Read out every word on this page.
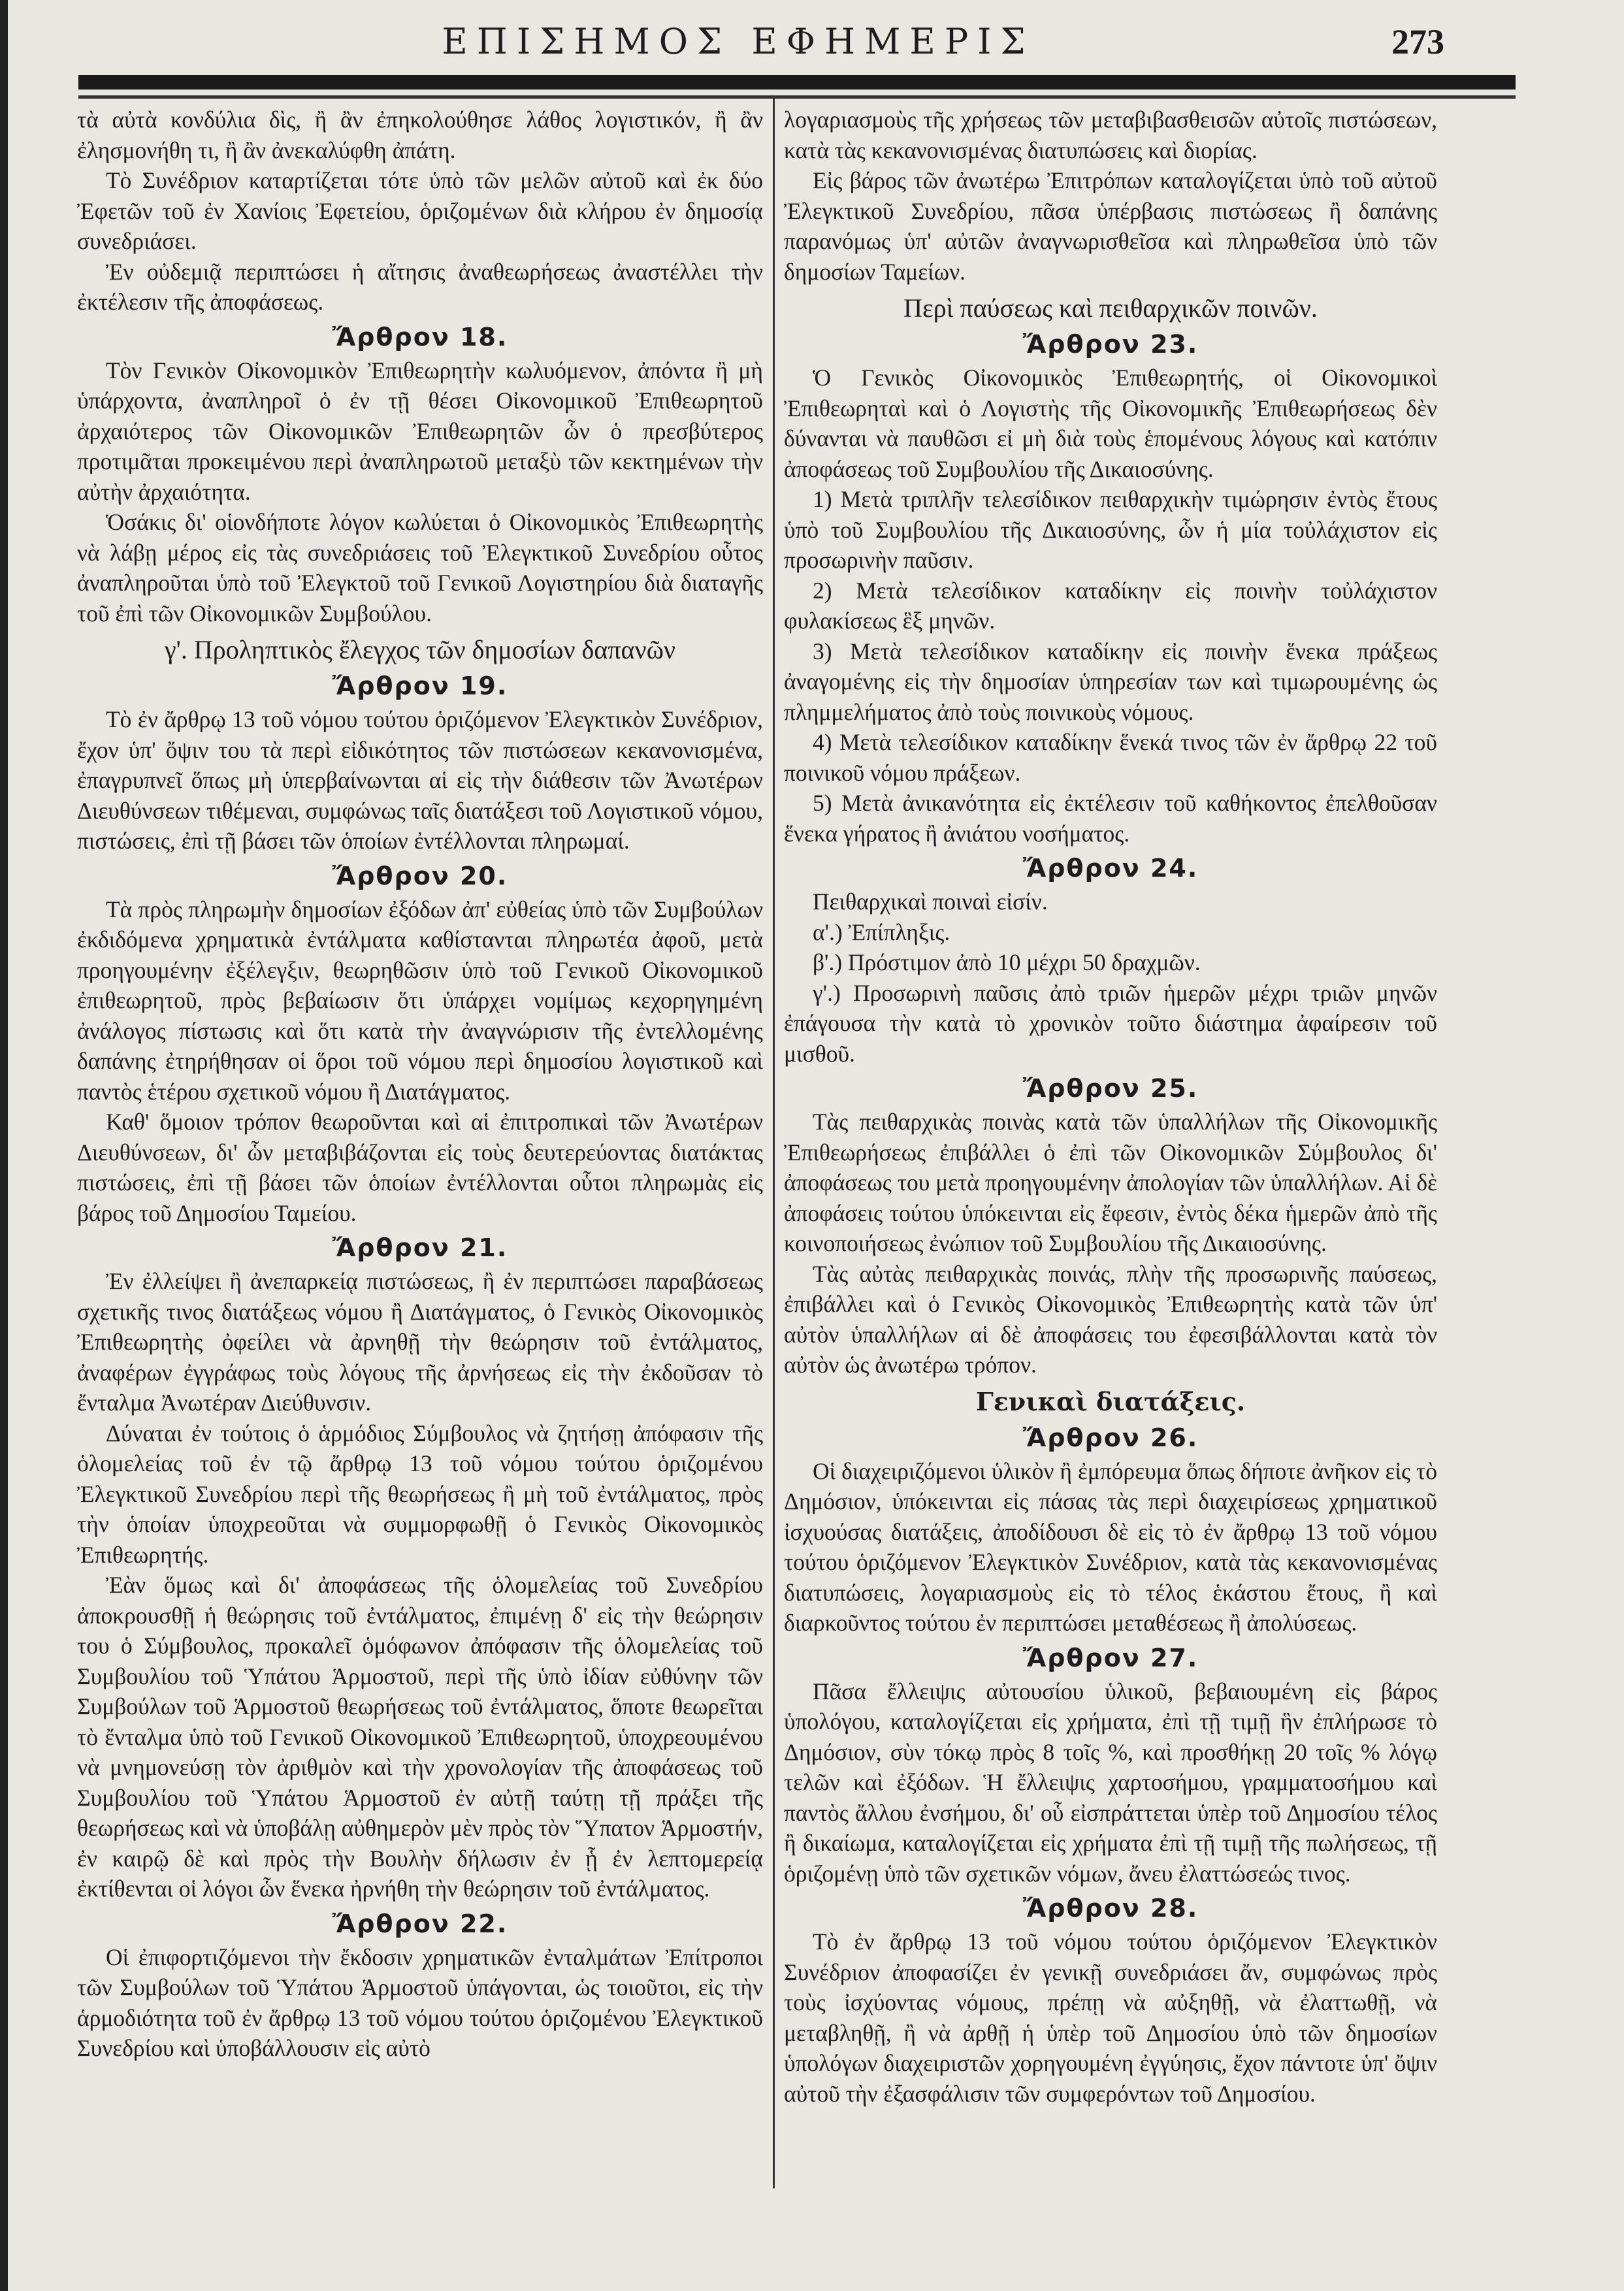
ΕΠΙΣΗΜΟΣ ΕΦΗΜΕΡΙΣ	273

τὰ αὐτὰ κονδύλια δὶς, ἢ ἂν ἐπηκολούθησε λάθος λογιστικόν, ἢ ἂν ἐλησμονήθη τι, ἢ ἂν ἀνεκαλύφθη ἀπάτη.

Τὸ Συνέδριον καταρτίζεται τότε ὑπὸ τῶν μελῶν αὐτοῦ καὶ ἐκ δύο Ἐφετῶν τοῦ ἐν Χανίοις Ἐφετείου, ὁριζομένων διὰ κλήρου ἐν δημοσίᾳ συνεδριάσει.

Ἐν οὐδεμιᾷ περιπτώσει ἡ αἴτησις ἀναθεωρήσεως ἀναστέλλει τὴν ἐκτέλεσιν τῆς ἀποφάσεως.

Ἄρθρον 18.

Τὸν Γενικὸν Οἰκονομικὸν Ἐπιθεωρητὴν κωλυόμενον, ἀπόντα ἢ μὴ ὑπάρχοντα, ἀναπληροῖ ὁ ἐν τῇ θέσει Οἰκονομικοῦ Ἐπιθεωρητοῦ ἀρχαιότερος τῶν Οἰκονομικῶν Ἐπιθεωρητῶν ὧν ὁ πρεσβύτερος προτιμᾶται προκειμένου περὶ ἀναπληρωτοῦ μεταξὺ τῶν κεκτημένων τὴν αὐτὴν ἀρχαιότητα.

Ὁσάκις δι' οἱονδήποτε λόγον κωλύεται ὁ Οἰκονομικὸς Ἐπιθεωρητὴς νὰ λάβῃ μέρος εἰς τὰς συνεδριάσεις τοῦ Ἐλεγκτικοῦ Συνεδρίου οὗτος ἀναπληροῦται ὑπὸ τοῦ Ἐλεγκτοῦ τοῦ Γενικοῦ Λογιστηρίου διὰ διαταγῆς τοῦ ἐπὶ τῶν Οἰκονομικῶν Συμβούλου.

γ'. Προληπτικὸς ἔλεγχος τῶν δημοσίων δαπανῶν
Ἄρθρον 19.

Τὸ ἐν ἄρθρῳ 13 τοῦ νόμου τούτου ὁριζόμενον Ἐλεγκτικὸν Συνέδριον, ἔχον ὑπ' ὄψιν του τὰ περὶ εἰδικότητος τῶν πιστώσεων κεκανονισμένα, ἐπαγρυπνεῖ ὅπως μὴ ὑπερβαίνωνται αἱ εἰς τὴν διάθεσιν τῶν Ἀνωτέρων Διευθύνσεων τιθέμεναι, συμφώνως ταῖς διατάξεσι τοῦ Λογιστικοῦ νόμου, πιστώσεις, ἐπὶ τῇ βάσει τῶν ὁποίων ἐντέλλονται πληρωμαί.

Ἄρθρον 20.

Τὰ πρὸς πληρωμὴν δημοσίων ἐξόδων ἀπ' εὐθείας ὑπὸ τῶν Συμβούλων ἐκδιδόμενα χρηματικὰ ἐντάλματα καθίστανται πληρωτέα ἀφοῦ, μετὰ προηγουμένην ἐξέλεγξιν, θεωρηθῶσιν ὑπὸ τοῦ Γενικοῦ Οἰκονομικοῦ ἐπιθεωρητοῦ, πρὸς βεβαίωσιν ὅτι ὑπάρχει νομίμως κεχορηγημένη ἀνάλογος πίστωσις καὶ ὅτι κατὰ τὴν ἀναγνώρισιν τῆς ἐντελλομένης δαπάνης ἐτηρήθησαν οἱ ὅροι τοῦ νόμου περὶ δημοσίου λογιστικοῦ καὶ παντὸς ἑτέρου σχετικοῦ νόμου ἢ Διατάγματος.

Καθ' ὅμοιον τρόπον θεωροῦνται καὶ αἱ ἐπιτροπικαὶ τῶν Ἀνωτέρων Διευθύνσεων, δι' ὧν μεταβιβάζονται εἰς τοὺς δευτερεύοντας διατάκτας πιστώσεις, ἐπὶ τῇ βάσει τῶν ὁποίων ἐντέλλονται οὗτοι πληρωμὰς εἰς βάρος τοῦ Δημοσίου Ταμείου.

Ἄρθρον 21.

Ἐν ἐλλείψει ἢ ἀνεπαρκείᾳ πιστώσεως, ἢ ἐν περιπτώσει παραβάσεως σχετικῆς τινος διατάξεως νόμου ἢ Διατάγματος, ὁ Γενικὸς Οἰκονομικὸς Ἐπιθεωρητὴς ὀφείλει νὰ ἀρνηθῇ τὴν θεώρησιν τοῦ ἐντάλματος, ἀναφέρων ἐγγράφως τοὺς λόγους τῆς ἀρνήσεως εἰς τὴν ἐκδοῦσαν τὸ ἔνταλμα Ἀνωτέραν Διεύθυνσιν.

Δύναται ἐν τούτοις ὁ ἁρμόδιος Σύμβουλος νὰ ζητήσῃ ἀπόφασιν τῆς ὁλομελείας τοῦ ἐν τῷ ἄρθρῳ 13 τοῦ νόμου τούτου ὁριζομένου Ἐλεγκτικοῦ Συνεδρίου περὶ τῆς θεωρήσεως ἢ μὴ τοῦ ἐντάλματος, πρὸς τὴν ὁποίαν ὑποχρεοῦται νὰ συμμορφωθῇ ὁ Γενικὸς Οἰκονομικὸς Ἐπιθεωρητής.

Ἐὰν ὅμως καὶ δι' ἀποφάσεως τῆς ὁλομελείας τοῦ Συνεδρίου ἀποκρουσθῇ ἡ θεώρησις τοῦ ἐντάλματος, ἐπιμένῃ δ' εἰς τὴν θεώρησιν του ὁ Σύμβουλος, προκαλεῖ ὁμόφωνον ἀπόφασιν τῆς ὁλομελείας τοῦ Συμβουλίου τοῦ Ὑπάτου Ἁρμοστοῦ, περὶ τῆς ὑπὸ ἰδίαν εὐθύνην τῶν Συμβούλων τοῦ Ἁρμοστοῦ θεωρήσεως τοῦ ἐντάλματος, ὅποτε θεωρεῖται τὸ ἔνταλμα ὑπὸ τοῦ Γενικοῦ Οἰκονομικοῦ Ἐπιθεωρητοῦ, ὑποχρεουμένου νὰ μνημονεύσῃ τὸν ἀριθμὸν καὶ τὴν χρονολογίαν τῆς ἀποφάσεως τοῦ Συμβουλίου τοῦ Ὑπάτου Ἁρμοστοῦ ἐν αὐτῇ ταύτῃ τῇ πράξει τῆς θεωρήσεως καὶ νὰ ὑποβάλῃ αὐθημερὸν μὲν πρὸς τὸν Ὕπατον Ἁρμοστήν, ἐν καιρῷ δὲ καὶ πρὸς τὴν Βουλὴν δήλωσιν ἐν ᾗ ἐν λεπτομερείᾳ ἐκτίθενται οἱ λόγοι ὧν ἕνεκα ἠρνήθη τὴν θεώρησιν τοῦ ἐντάλματος.

Ἄρθρον 22.

Οἱ ἐπιφορτιζόμενοι τὴν ἔκδοσιν χρηματικῶν ἐνταλμάτων Ἐπίτροποι τῶν Συμβούλων τοῦ Ὑπάτου Ἁρμοστοῦ ὑπάγονται, ὡς τοιοῦτοι, εἰς τὴν ἁρμοδιότητα τοῦ ἐν ἄρθρῳ 13 τοῦ νόμου τούτου ὁριζομένου Ἐλεγκτικοῦ Συνεδρίου καὶ ὑποβάλλουσιν εἰς αὐτὸ

λογαριασμοὺς τῆς χρήσεως τῶν μεταβιβασθεισῶν αὐτοῖς πιστώσεων, κατὰ τὰς κεκανονισμένας διατυπώσεις καὶ διορίας.

Εἰς βάρος τῶν ἀνωτέρω Ἐπιτρόπων καταλογίζεται ὑπὸ τοῦ αὐτοῦ Ἐλεγκτικοῦ Συνεδρίου, πᾶσα ὑπέρβασις πιστώσεως ἢ δαπάνης παρανόμως ὑπ' αὐτῶν ἀναγνωρισθεῖσα καὶ πληρωθεῖσα ὑπὸ τῶν δημοσίων Ταμείων.

Περὶ παύσεως καὶ πειθαρχικῶν ποινῶν.
Ἄρθρον 23.

Ὁ Γενικὸς Οἰκονομικὸς Ἐπιθεωρητής, οἱ Οἰκονομικοὶ Ἐπιθεωρηταὶ καὶ ὁ Λογιστὴς τῆς Οἰκονομικῆς Ἐπιθεωρήσεως δὲν δύνανται νὰ παυθῶσι εἰ μὴ διὰ τοὺς ἑπομένους λόγους καὶ κατόπιν ἀποφάσεως τοῦ Συμβουλίου τῆς Δικαιοσύνης.

1) Μετὰ τριπλῆν τελεσίδικον πειθαρχικὴν τιμώρησιν ἐντὸς ἔτους ὑπὸ τοῦ Συμβουλίου τῆς Δικαιοσύνης, ὧν ἡ μία τοὐλάχιστον εἰς προσωρινὴν παῦσιν.

2) Μετὰ τελεσίδικον καταδίκην εἰς ποινὴν τοὐλάχιστον φυλακίσεως ἓξ μηνῶν.

3) Μετὰ τελεσίδικον καταδίκην εἰς ποινὴν ἕνεκα πράξεως ἀναγομένης εἰς τὴν δημοσίαν ὑπηρεσίαν των καὶ τιμωρουμένης ὡς πλημμελήματος ἀπὸ τοὺς ποινικοὺς νόμους.

4) Μετὰ τελεσίδικον καταδίκην ἕνεκά τινος τῶν ἐν ἄρθρῳ 22 τοῦ ποινικοῦ νόμου πράξεων.

5) Μετὰ ἀνικανότητα εἰς ἐκτέλεσιν τοῦ καθήκοντος ἐπελθοῦσαν ἕνεκα γήρατος ἢ ἀνιάτου νοσήματος.

Ἄρθρον 24.

Πειθαρχικαὶ ποιναὶ εἰσίν.

α'.) Ἐπίπληξις.

β'.) Πρόστιμον ἀπὸ 10 μέχρι 50 δραχμῶν.

γ'.) Προσωρινὴ παῦσις ἀπὸ τριῶν ἡμερῶν μέχρι τριῶν μηνῶν ἐπάγουσα τὴν κατὰ τὸ χρονικὸν τοῦτο διάστημα ἀφαίρεσιν τοῦ μισθοῦ.

Ἄρθρον 25.

Τὰς πειθαρχικὰς ποινὰς κατὰ τῶν ὑπαλλήλων τῆς Οἰκονομικῆς Ἐπιθεωρήσεως ἐπιβάλλει ὁ ἐπὶ τῶν Οἰκονομικῶν Σύμβουλος δι' ἀποφάσεως του μετὰ προηγουμένην ἀπολογίαν τῶν ὑπαλλήλων. Αἱ δὲ ἀποφάσεις τούτου ὑπόκεινται εἰς ἔφεσιν, ἐντὸς δέκα ἡμερῶν ἀπὸ τῆς κοινοποιήσεως ἐνώπιον τοῦ Συμβουλίου τῆς Δικαιοσύνης.

Τὰς αὐτὰς πειθαρχικὰς ποινάς, πλὴν τῆς προσωρινῆς παύσεως, ἐπιβάλλει καὶ ὁ Γενικὸς Οἰκονομικὸς Ἐπιθεωρητὴς κατὰ τῶν ὑπ' αὐτὸν ὑπαλλήλων αἱ δὲ ἀποφάσεις του ἐφεσιβάλλονται κατὰ τὸν αὐτὸν ὡς ἀνωτέρω τρόπον.

Γενικαὶ διατάξεις.
Ἄρθρον 26.

Οἱ διαχειριζόμενοι ὑλικὸν ἢ ἐμπόρευμα ὅπως δήποτε ἀνῆκον εἰς τὸ Δημόσιον, ὑπόκεινται εἰς πάσας τὰς περὶ διαχειρίσεως χρηματικοῦ ἰσχυούσας διατάξεις, ἀποδίδουσι δὲ εἰς τὸ ἐν ἄρθρῳ 13 τοῦ νόμου τούτου ὁριζόμενον Ἐλεγκτικὸν Συνέδριον, κατὰ τὰς κεκανονισμένας διατυπώσεις, λογαριασμοὺς εἰς τὸ τέλος ἑκάστου ἔτους, ἢ καὶ διαρκοῦντος τούτου ἐν περιπτώσει μεταθέσεως ἢ ἀπολύσεως.

Ἄρθρον 27.

Πᾶσα ἔλλειψις αὐτουσίου ὑλικοῦ, βεβαιουμένη εἰς βάρος ὑπολόγου, καταλογίζεται εἰς χρήματα, ἐπὶ τῇ τιμῇ ἣν ἐπλήρωσε τὸ Δημόσιον, σὺν τόκῳ πρὸς 8 τοῖς %, καὶ προσθήκῃ 20 τοῖς % λόγῳ τελῶν καὶ ἐξόδων. Ἡ ἔλλειψις χαρτοσήμου, γραμματοσήμου καὶ παντὸς ἄλλου ἐνσήμου, δι' οὗ εἰσπράττεται ὑπὲρ τοῦ Δημοσίου τέλος ἢ δικαίωμα, καταλογίζεται εἰς χρήματα ἐπὶ τῇ τιμῇ τῆς πωλήσεως, τῇ ὁριζομένῃ ὑπὸ τῶν σχετικῶν νόμων, ἄνευ ἐλαττώσεώς τινος.

Ἄρθρον 28.

Τὸ ἐν ἄρθρῳ 13 τοῦ νόμου τούτου ὁριζόμενον Ἐλεγκτικὸν Συνέδριον ἀποφασίζει ἐν γενικῇ συνεδριάσει ἄν, συμφώνως πρὸς τοὺς ἰσχύοντας νόμους, πρέπῃ νὰ αὐξηθῇ, νὰ ἐλαττωθῇ, νὰ μεταβληθῇ, ἢ νὰ ἀρθῇ ἡ ὑπὲρ τοῦ Δημοσίου ὑπὸ τῶν δημοσίων ὑπολόγων διαχειριστῶν χορηγουμένη ἐγγύησις, ἔχον πάντοτε ὑπ' ὄψιν αὐτοῦ τὴν ἐξασφάλισιν τῶν συμφερόντων τοῦ Δημοσίου.
